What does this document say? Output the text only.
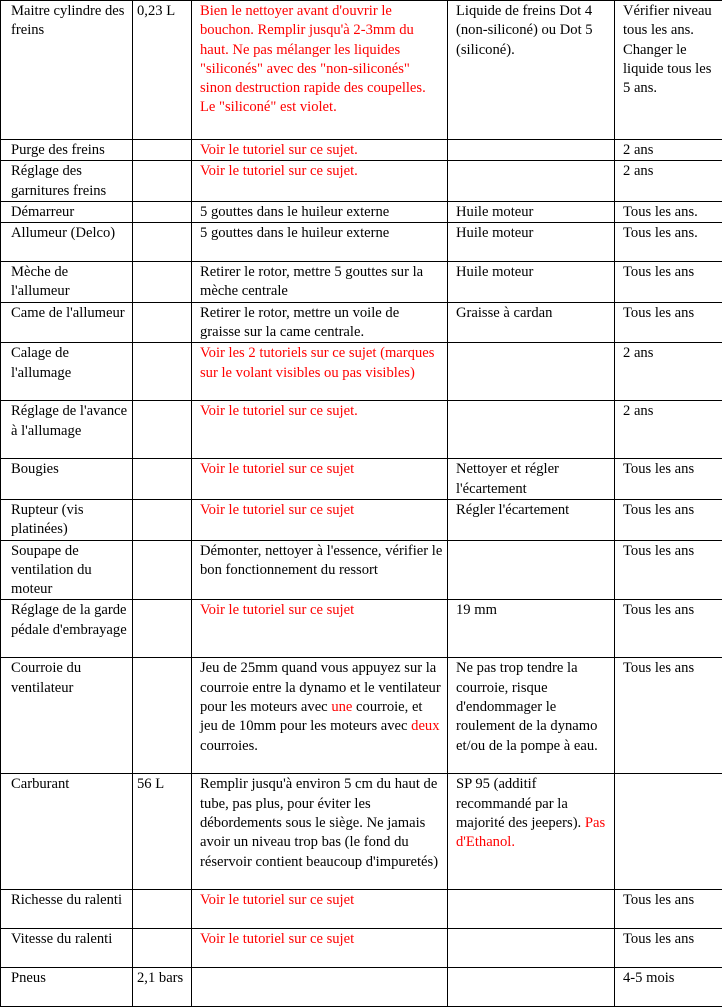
Maitre cylindre des freins	0,23 L	Bien le nettoyer avant d'ouvrir le bouchon. Remplir jusqu'à 2-3mm du haut. Ne pas mélanger les liquides "siliconés" avec des "non-siliconés" sinon destruction rapide des coupelles. Le "siliconé" est violet.	Liquide de freins Dot 4 (non-siliconé) ou Dot 5 (siliconé).	Vérifier niveau tous les ans. Changer le liquide tous les 5 ans.
Purge des freins		Voir le tutoriel sur ce sujet.		2 ans
Réglage des garnitures freins		Voir le tutoriel sur ce sujet.		2 ans
Démarreur		5 gouttes dans le huileur externe	Huile moteur	Tous les ans.
Allumeur (Delco)		5 gouttes dans le huileur externe	Huile moteur	Tous les ans.
Mèche de l'allumeur		Retirer le rotor, mettre 5 gouttes sur la mèche centrale	Huile moteur	Tous les ans
Came de l'allumeur		Retirer le rotor, mettre un voile de graisse sur la came centrale.	Graisse à cardan	Tous les ans
Calage de l'allumage		Voir les 2 tutoriels sur ce sujet (marques sur le volant visibles ou pas visibles)		2 ans
Réglage de l'avance à l'allumage		Voir le tutoriel sur ce sujet.		2 ans
Bougies		Voir le tutoriel sur ce sujet	Nettoyer et régler l'écartement	Tous les ans
Rupteur (vis platinées)		Voir le tutoriel sur ce sujet	Régler l'écartement	Tous les ans
Soupape de ventilation du moteur		Démonter, nettoyer à l'essence, vérifier le bon fonctionnement du ressort		Tous les ans
Réglage de la garde pédale d'embrayage		Voir le tutoriel sur ce sujet	19 mm	Tous les ans
Courroie du ventilateur		Jeu de 25mm quand vous appuyez sur la courroie entre la dynamo et le ventilateur pour les moteurs avec une courroie, et jeu de 10mm pour les moteurs avec deux courroies.	Ne pas trop tendre la courroie, risque d'endommager le roulement de la dynamo et/ou de la pompe à eau.	Tous les ans
Carburant	56 L	Remplir jusqu'à environ 5 cm du haut de tube, pas plus, pour éviter les débordements sous le siège. Ne jamais avoir un niveau trop bas (le fond du réservoir contient beaucoup d'impuretés)	SP 95 (additif recommandé par la majorité des jeepers). Pas d'Ethanol.	
Richesse du ralenti		Voir le tutoriel sur ce sujet		Tous les ans
Vitesse du ralenti		Voir le tutoriel sur ce sujet		Tous les ans
Pneus	2,1 bars			4-5 mois
